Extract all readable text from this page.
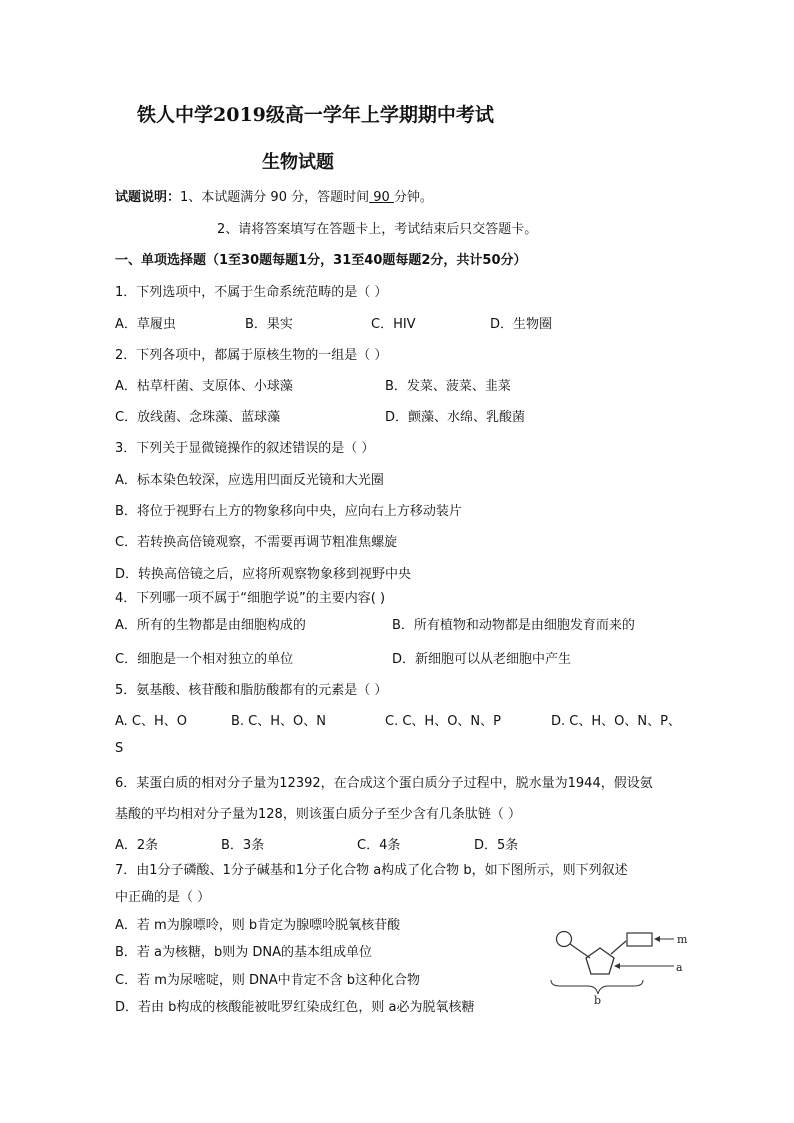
铁人中学2019级高一学年上学期期中考试
生物试题
试题说明：1、本试题满分 90 分，答题时间 90 分钟。
2、请将答案填写在答题卡上，考试结束后只交答题卡。
一、单项选择题（1至30题每题1分，31至40题每题2分，共计50分）
1．下列选项中，不属于生命系统范畴的是（ ）
A．草履虫	B．果实	C．HIV	D．生物圈
2．下列各项中，都属于原核生物的一组是（ ）
A．枯草杆菌、支原体、小球藻	B．发菜、菠菜、韭菜
C．放线菌、念珠藻、蓝球藻	D．颤藻、水绵、乳酸菌
3．下列关于显微镜操作的叙述错误的是（ ）
A．标本染色较深，应选用凹面反光镜和大光圈
B．将位于视野右上方的物象移向中央，应向右上方移动装片
C．若转换高倍镜观察，不需要再调节粗准焦螺旋
D．转换高倍镜之后，应将所观察物象移到视野中央
4．下列哪一项不属于“细胞学说”的主要内容( )
A．所有的生物都是由细胞构成的	B．所有植物和动物都是由细胞发育而来的
C．细胞是一个相对独立的单位	D．新细胞可以从老细胞中产生
5．氨基酸、核苷酸和脂肪酸都有的元素是（ ）
A. C、H、O	B. C、H、O、N	C. C、H、O、N、P	D. C、H、O、N、P、
S
6．某蛋白质的相对分子量为12392，在合成这个蛋白质分子过程中，脱水量为1944，假设氨
基酸的平均相对分子量为128，则该蛋白质分子至少含有几条肽链（ ）
A．2条	B．3条	C．4条	D．5条
7．由1分子磷酸、1分子碱基和1分子化合物 a构成了化合物 b，如下图所示，则下列叙述
中正确的是（ ）
A．若 m为腺嘌呤，则 b肯定为腺嘌呤脱氧核苷酸
B．若 a为核糖，b则为 DNA的基本组成单位
C．若 m为尿嘧啶，则 DNA中肯定不含 b这种化合物
D．若由 b构成的核酸能被吡罗红染成红色，则 a必为脱氧核糖
m
a
b
